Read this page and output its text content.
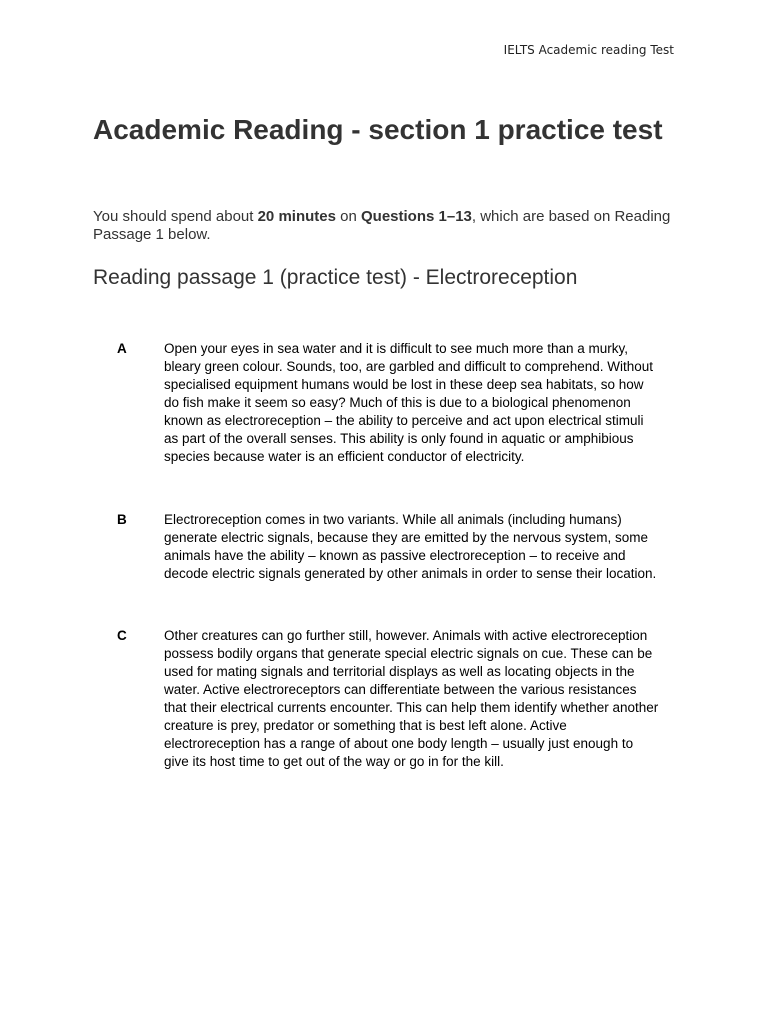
IELTS Academic reading Test
Academic Reading - section 1 practice test

You should spend about 20 minutes on Questions 1–13, which are based on Reading Passage 1 below.

Reading passage 1 (practice test) - Electroreception
A	Open your eyes in sea water and it is difficult to see much more than a murky, bleary green colour. Sounds, too, are garbled and difficult to comprehend. Without specialised equipment humans would be lost in these deep sea habitats, so how do fish make it seem so easy? Much of this is due to a biological phenomenon known as electroreception – the ability to perceive and act upon electrical stimuli as part of the overall senses. This ability is only found in aquatic or amphibious species because water is an efficient conductor of electricity.

B	Electroreception comes in two variants. While all animals (including humans) generate electric signals, because they are emitted by the nervous system, some animals have the ability – known as passive electroreception – to receive and decode electric signals generated by other animals in order to sense their location.

C	Other creatures can go further still, however. Animals with active electroreception possess bodily organs that generate special electric signals on cue. These can be used for mating signals and territorial displays as well as locating objects in the water. Active electroreceptors can differentiate between the various resistances that their electrical currents encounter. This can help them identify whether another creature is prey, predator or something that is best left alone. Active electroreception has a range of about one body length – usually just enough to give its host time to get out of the way or go in for the kill.
